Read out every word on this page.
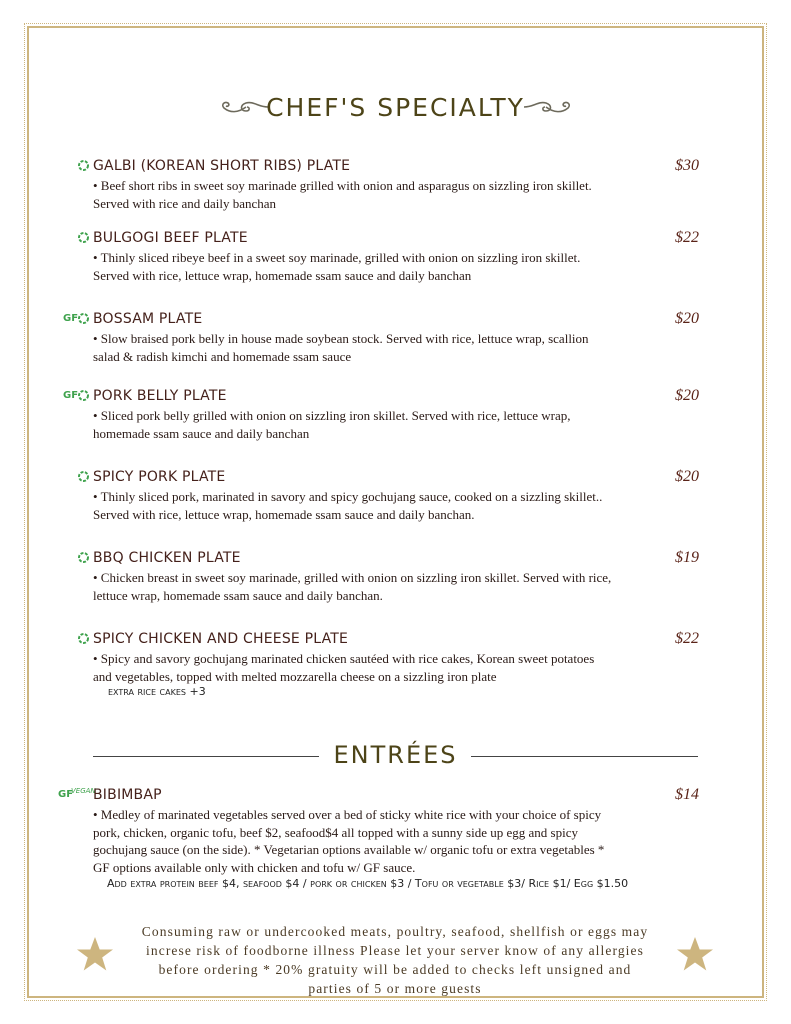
CHEF'S SPECIALTY
GALBI (KOREAN SHORT RIBS) PLATE	$30
• Beef short ribs in sweet soy marinade grilled with onion and asparagus on sizzling iron skillet. Served with rice and daily banchan
BULGOGI BEEF PLATE	$22
• Thinly sliced ribeye beef in a sweet soy marinade, grilled with onion on sizzling iron skillet. Served with rice, lettuce wrap, homemade ssam sauce and daily banchan
GF BOSSAM PLATE	$20
• Slow braised pork belly in house made soybean stock. Served with rice, lettuce wrap, scallion salad & radish kimchi and homemade ssam sauce
GF PORK BELLY PLATE	$20
• Sliced pork belly grilled with onion on sizzling iron skillet. Served with rice, lettuce wrap, homemade ssam sauce and daily banchan
SPICY PORK PLATE	$20
• Thinly sliced pork, marinated in savory and spicy gochujang sauce, cooked on a sizzling skillet.. Served with rice, lettuce wrap, homemade ssam sauce and daily banchan.
BBQ CHICKEN PLATE	$19
• Chicken breast in sweet soy marinade, grilled with onion on sizzling iron skillet. Served with rice, lettuce wrap, homemade ssam sauce and daily banchan.
SPICY CHICKEN AND CHEESE PLATE	$22
• Spicy and savory gochujang marinated chicken sautéed with rice cakes, Korean sweet potatoes and vegetables, topped with melted mozzarella cheese on a sizzling iron plate
extra rice cakes +3
ENTRÉES
GF
VEGAN
BIBIMBAP	$14
• Medley of marinated vegetables served over a bed of sticky white rice with your choice of spicy pork, chicken, organic tofu, beef $2, seafood$4 all topped with a sunny side up egg and spicy gochujang sauce (on the side). * Vegetarian options available w/ organic tofu or extra vegetables * GF options available only with chicken and tofu w/ GF sauce.
Add extra protein beef $4, seafood $4 / pork or chicken $3 / Tofu or vegetable $3/ Rice $1/ Egg $1.50
Consuming raw or undercooked meats, poultry, seafood, shellfish or eggs may increse risk of foodborne illness Please let your server know of any allergies before ordering * 20% gratuity will be added to checks left unsigned and parties of 5 or more guests
